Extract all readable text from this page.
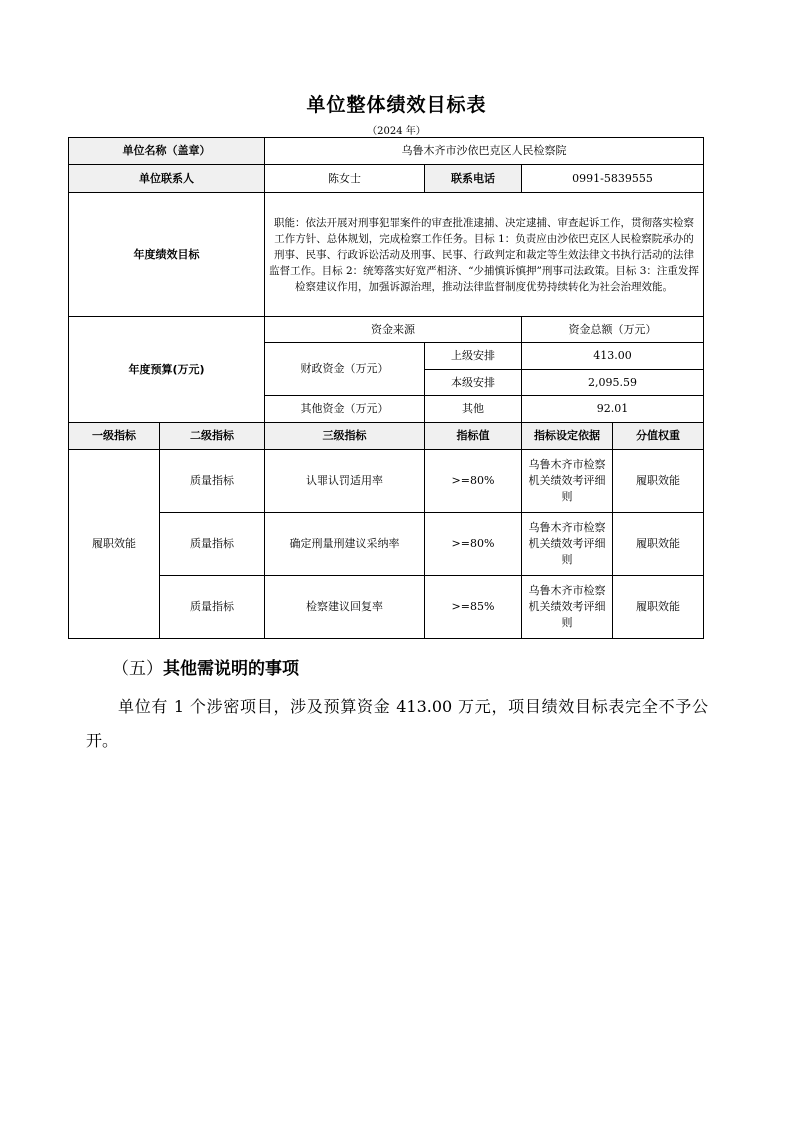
单位整体绩效目标表
（2024 年）
单位名称（盖章）		乌鲁木齐市沙依巴克区人民检察院			
单位联系人		陈女士	联系电话	0991-5839555	
年度绩效目标		职能：依法开展对刑事犯罪案件的审查批准逮捕、决定逮捕、审查起诉工作，贯彻落实检察工作方针、总体规划，完成检察工作任务。目标 1：负责应由沙依巴克区人民检察院承办的刑事、民事、行政诉讼活动及刑事、民事、行政判定和裁定等生效法律文书执行活动的法律监督工作。目标 2：统筹落实好宽严相济、“少捕慎诉慎押”刑事司法政策。目标 3：注重发挥检察建议作用，加强诉源治理，推动法律监督制度优势持续转化为社会治理效能。			
年度预算(万元)		资金来源		资金总额（万元）	
		财政资金（万元）	上级安排	413.00	
			本级安排	2,095.59	
		其他资金（万元）	其他	92.01	
一级指标	二级指标	三级指标	指标值	指标设定依据	分值权重
履职效能	质量指标	认罪认罚适用率	>=80%	乌鲁木齐市检察机关绩效考评细则	履职效能
	质量指标	确定刑量刑建议采纳率	>=80%	乌鲁木齐市检察机关绩效考评细则	履职效能
	质量指标	检察建议回复率	>=85%	乌鲁木齐市检察机关绩效考评细则	履职效能
（五）其他需说明的事项
单位有 1 个涉密项目，涉及预算资金 413.00 万元，项目绩效目标表完全不予公开。
